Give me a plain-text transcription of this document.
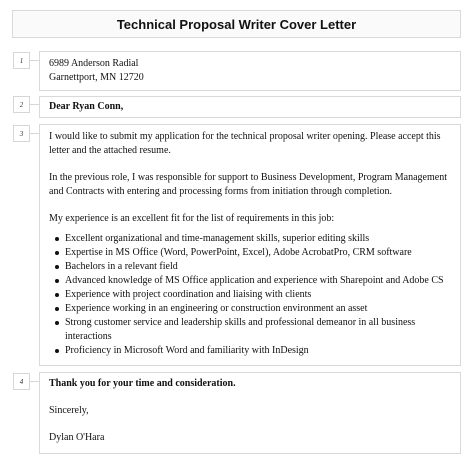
Technical Proposal Writer Cover Letter
1	6989 Anderson Radial

Garnettport, MN 12720

2	Dear Ryan Conn,

3	I would like to submit my application for the technical proposal writer opening. Please accept this letter and the attached resume.

In the previous role, I was responsible for support to Business Development, Program Management and Contracts with entering and processing forms from initiation through completion.

My experience is an excellent fit for the list of requirements in this job:

Excellent organizational and time-management skills, superior editing skills
Expertise in MS Office (Word, PowerPoint, Excel), Adobe AcrobatPro, CRM software
Bachelors in a relevant field
Advanced knowledge of MS Office application and experience with Sharepoint and Adobe CS
Experience with project coordination and liaising with clients
Experience working in an engineering or construction environment an asset
Strong customer service and leadership skills and professional demeanor in all business interactions
Proficiency in Microsoft Word and familiarity with InDesign
4	Thank you for your time and consideration.

Sincerely,

Dylan O'Hara
